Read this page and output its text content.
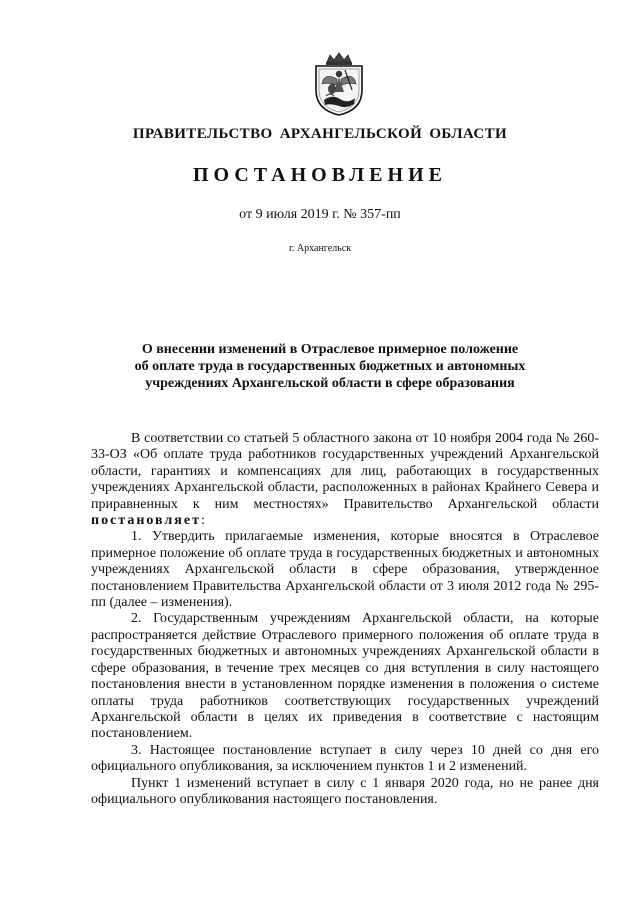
ПРАВИТЕЛЬСТВО АРХАНГЕЛЬСКОЙ ОБЛАСТИ
ПОСТАНОВЛЕНИЕ
от 9 июля 2019 г. № 357-пп
г. Архангельск
О внесении изменений в Отраслевое примерное положение
об оплате труда в государственных бюджетных и автономных
учреждениях Архангельской области в сфере образования

В соответствии со статьей 5 областного закона от 10 ноября 2004 года № 260-33-ОЗ «Об оплате труда работников государственных учреждений Архангельской области, гарантиях и компенсациях для лиц, работающих в государственных учреждениях Архангельской области, расположенных в районах Крайнего Севера и приравненных к ним местностях» Правительство Архангельской области постановляет:

1. Утвердить прилагаемые изменения, которые вносятся в Отраслевое примерное положение об оплате труда в государственных бюджетных и автономных учреждениях Архангельской области в сфере образования, утвержденное постановлением Правительства Архангельской области от 3 июля 2012 года № 295-пп (далее – изменения).

2. Государственным учреждениям Архангельской области, на которые распространяется действие Отраслевого примерного положения об оплате труда в государственных бюджетных и автономных учреждениях Архангельской области в сфере образования, в течение трех месяцев со дня вступления в силу настоящего постановления внести в установленном порядке изменения в положения о системе оплаты труда работников соответствующих государственных учреждений Архангельской области в целях их приведения в соответствие с настоящим постановлением.

3. Настоящее постановление вступает в силу через 10 дней со дня его официального опубликования, за исключением пунктов 1 и 2 изменений.

Пункт 1 изменений вступает в силу с 1 января 2020 года, но не ранее дня официального опубликования настоящего постановления.
